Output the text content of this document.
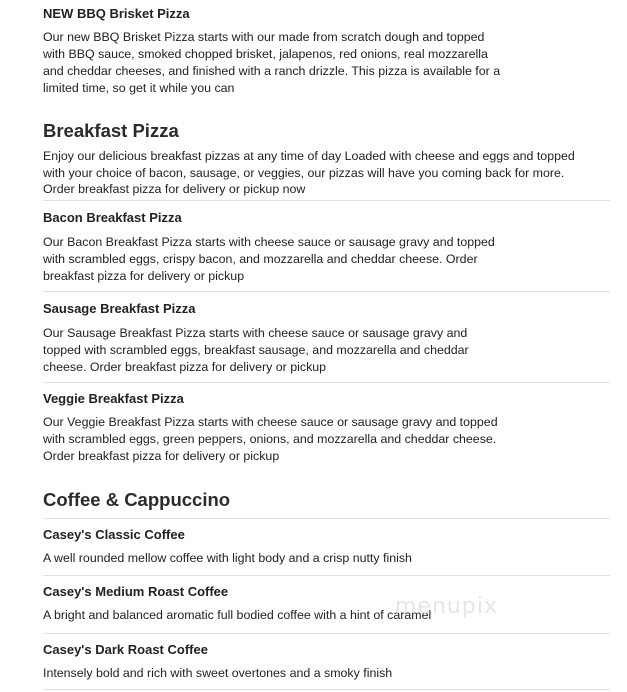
NEW BBQ Brisket Pizza

Our new BBQ Brisket Pizza starts with our made from scratch dough and topped

with BBQ sauce, smoked chopped brisket, jalapenos, red onions, real mozzarella

and cheddar cheeses, and finished with a ranch drizzle. This pizza is available for a

limited time, so get it while you can

Breakfast Pizza

Enjoy our delicious breakfast pizzas at any time of day Loaded with cheese and eggs and topped

with your choice of bacon, sausage, or veggies, our pizzas will have you coming back for more.

Order breakfast pizza for delivery or pickup now

Bacon Breakfast Pizza

Our Bacon Breakfast Pizza starts with cheese sauce or sausage gravy and topped

with scrambled eggs, crispy bacon, and mozzarella and cheddar cheese. Order

breakfast pizza for delivery or pickup

Sausage Breakfast Pizza

Our Sausage Breakfast Pizza starts with cheese sauce or sausage gravy and

topped with scrambled eggs, breakfast sausage, and mozzarella and cheddar

cheese. Order breakfast pizza for delivery or pickup

Veggie Breakfast Pizza

Our Veggie Breakfast Pizza starts with cheese sauce or sausage gravy and topped

with scrambled eggs, green peppers, onions, and mozzarella and cheddar cheese.

Order breakfast pizza for delivery or pickup

Coffee & Cappuccino

Casey's Classic Coffee

A well rounded mellow coffee with light body and a crisp nutty finish

Casey's Medium Roast Coffee

A bright and balanced aromatic full bodied coffee with a hint of caramel

Casey's Dark Roast Coffee

Intensely bold and rich with sweet overtones and a smoky finish

menupix
